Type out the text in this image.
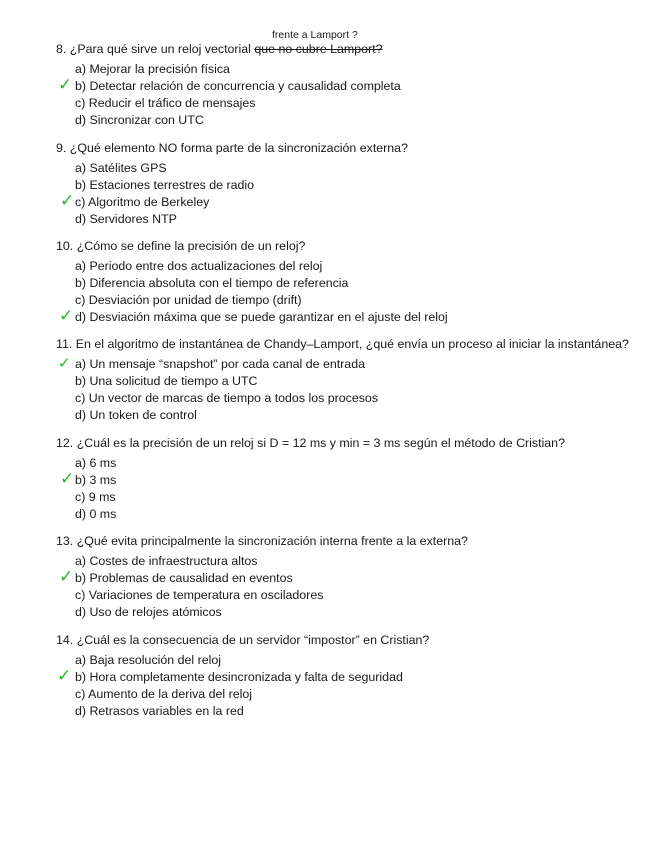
8. ¿Para qué sirve un reloj vectorial que no cubre Lamport?
frente a Lamport ?
a) Mejorar la precisión física
✓ b) Detectar relación de concurrencia y causalidad completa
c) Reducir el tráfico de mensajes
d) Sincronizar con UTC
9. ¿Qué elemento NO forma parte de la sincronización externa?
a) Satélites GPS
b) Estaciones terrestres de radio
✓ c) Algoritmo de Berkeley
d) Servidores NTP
10. ¿Cómo se define la precisión de un reloj?
a) Periodo entre dos actualizaciones del reloj
b) Diferencia absoluta con el tiempo de referencia
c) Desviación por unidad de tiempo (drift)
✓ d) Desviación máxima que se puede garantizar en el ajuste del reloj
11. En el algoritmo de instantánea de Chandy–Lamport, ¿qué envía un proceso al iniciar la instantánea?
✓ a) Un mensaje “snapshot” por cada canal de entrada
b) Una solicitud de tiempo a UTC
c) Un vector de marcas de tiempo a todos los procesos
d) Un token de control
12. ¿Cuál es la precisión de un reloj si D = 12 ms y min = 3 ms según el método de Cristian?
a) 6 ms
✓ b) 3 ms
c) 9 ms
d) 0 ms
13. ¿Qué evita principalmente la sincronización interna frente a la externa?
a) Costes de infraestructura altos
✓ b) Problemas de causalidad en eventos
c) Variaciones de temperatura en osciladores
d) Uso de relojes atómicos
14. ¿Cuál es la consecuencia de un servidor “impostor” en Cristian?
a) Baja resolución del reloj
✓ b) Hora completamente desincronizada y falta de seguridad
c) Aumento de la deriva del reloj
d) Retrasos variables en la red
